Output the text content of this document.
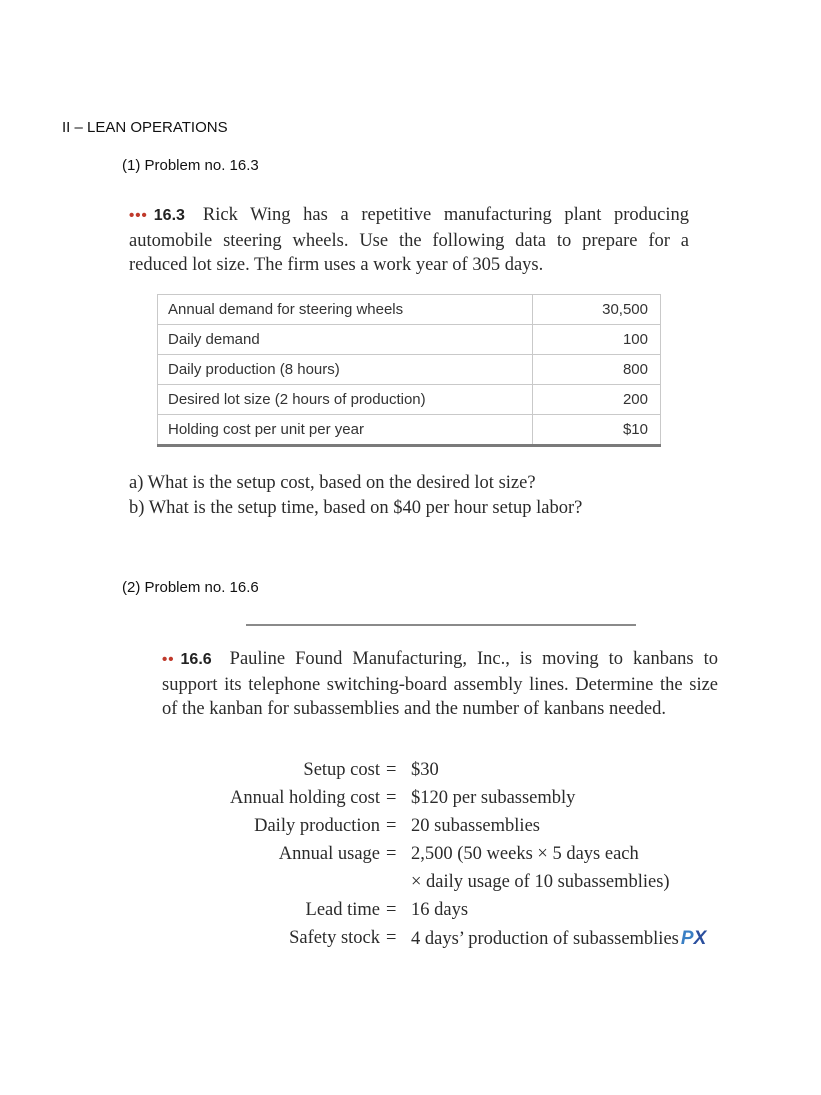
II – LEAN OPERATIONS
(1) Problem no. 16.3
••• 16.3 Rick Wing has a repetitive manufacturing plant producing automobile steering wheels. Use the following data to prepare for a reduced lot size. The firm uses a work year of 305 days.
Annual demand for steering wheels	30,500
Daily demand	100
Daily production (8 hours)	800
Desired lot size (2 hours of production)	200
Holding cost per unit per year	$10
a) What is the setup cost, based on the desired lot size?
b) What is the setup time, based on $40 per hour setup labor?
(2) Problem no. 16.6
•• 16.6 Pauline Found Manufacturing, Inc., is moving to kanbans to support its telephone switching-board assembly lines. Determine the size of the kanban for subassemblies and the number of kanbans needed.
Setup cost = $30
Annual holding cost = $120 per subassembly
Daily production = 20 subassemblies
Annual usage = 2,500 (50 weeks × 5 days each
× daily usage of 10 subassemblies)
Lead time = 16 days
Safety stock = 4 days’ production of subassemblies PX
